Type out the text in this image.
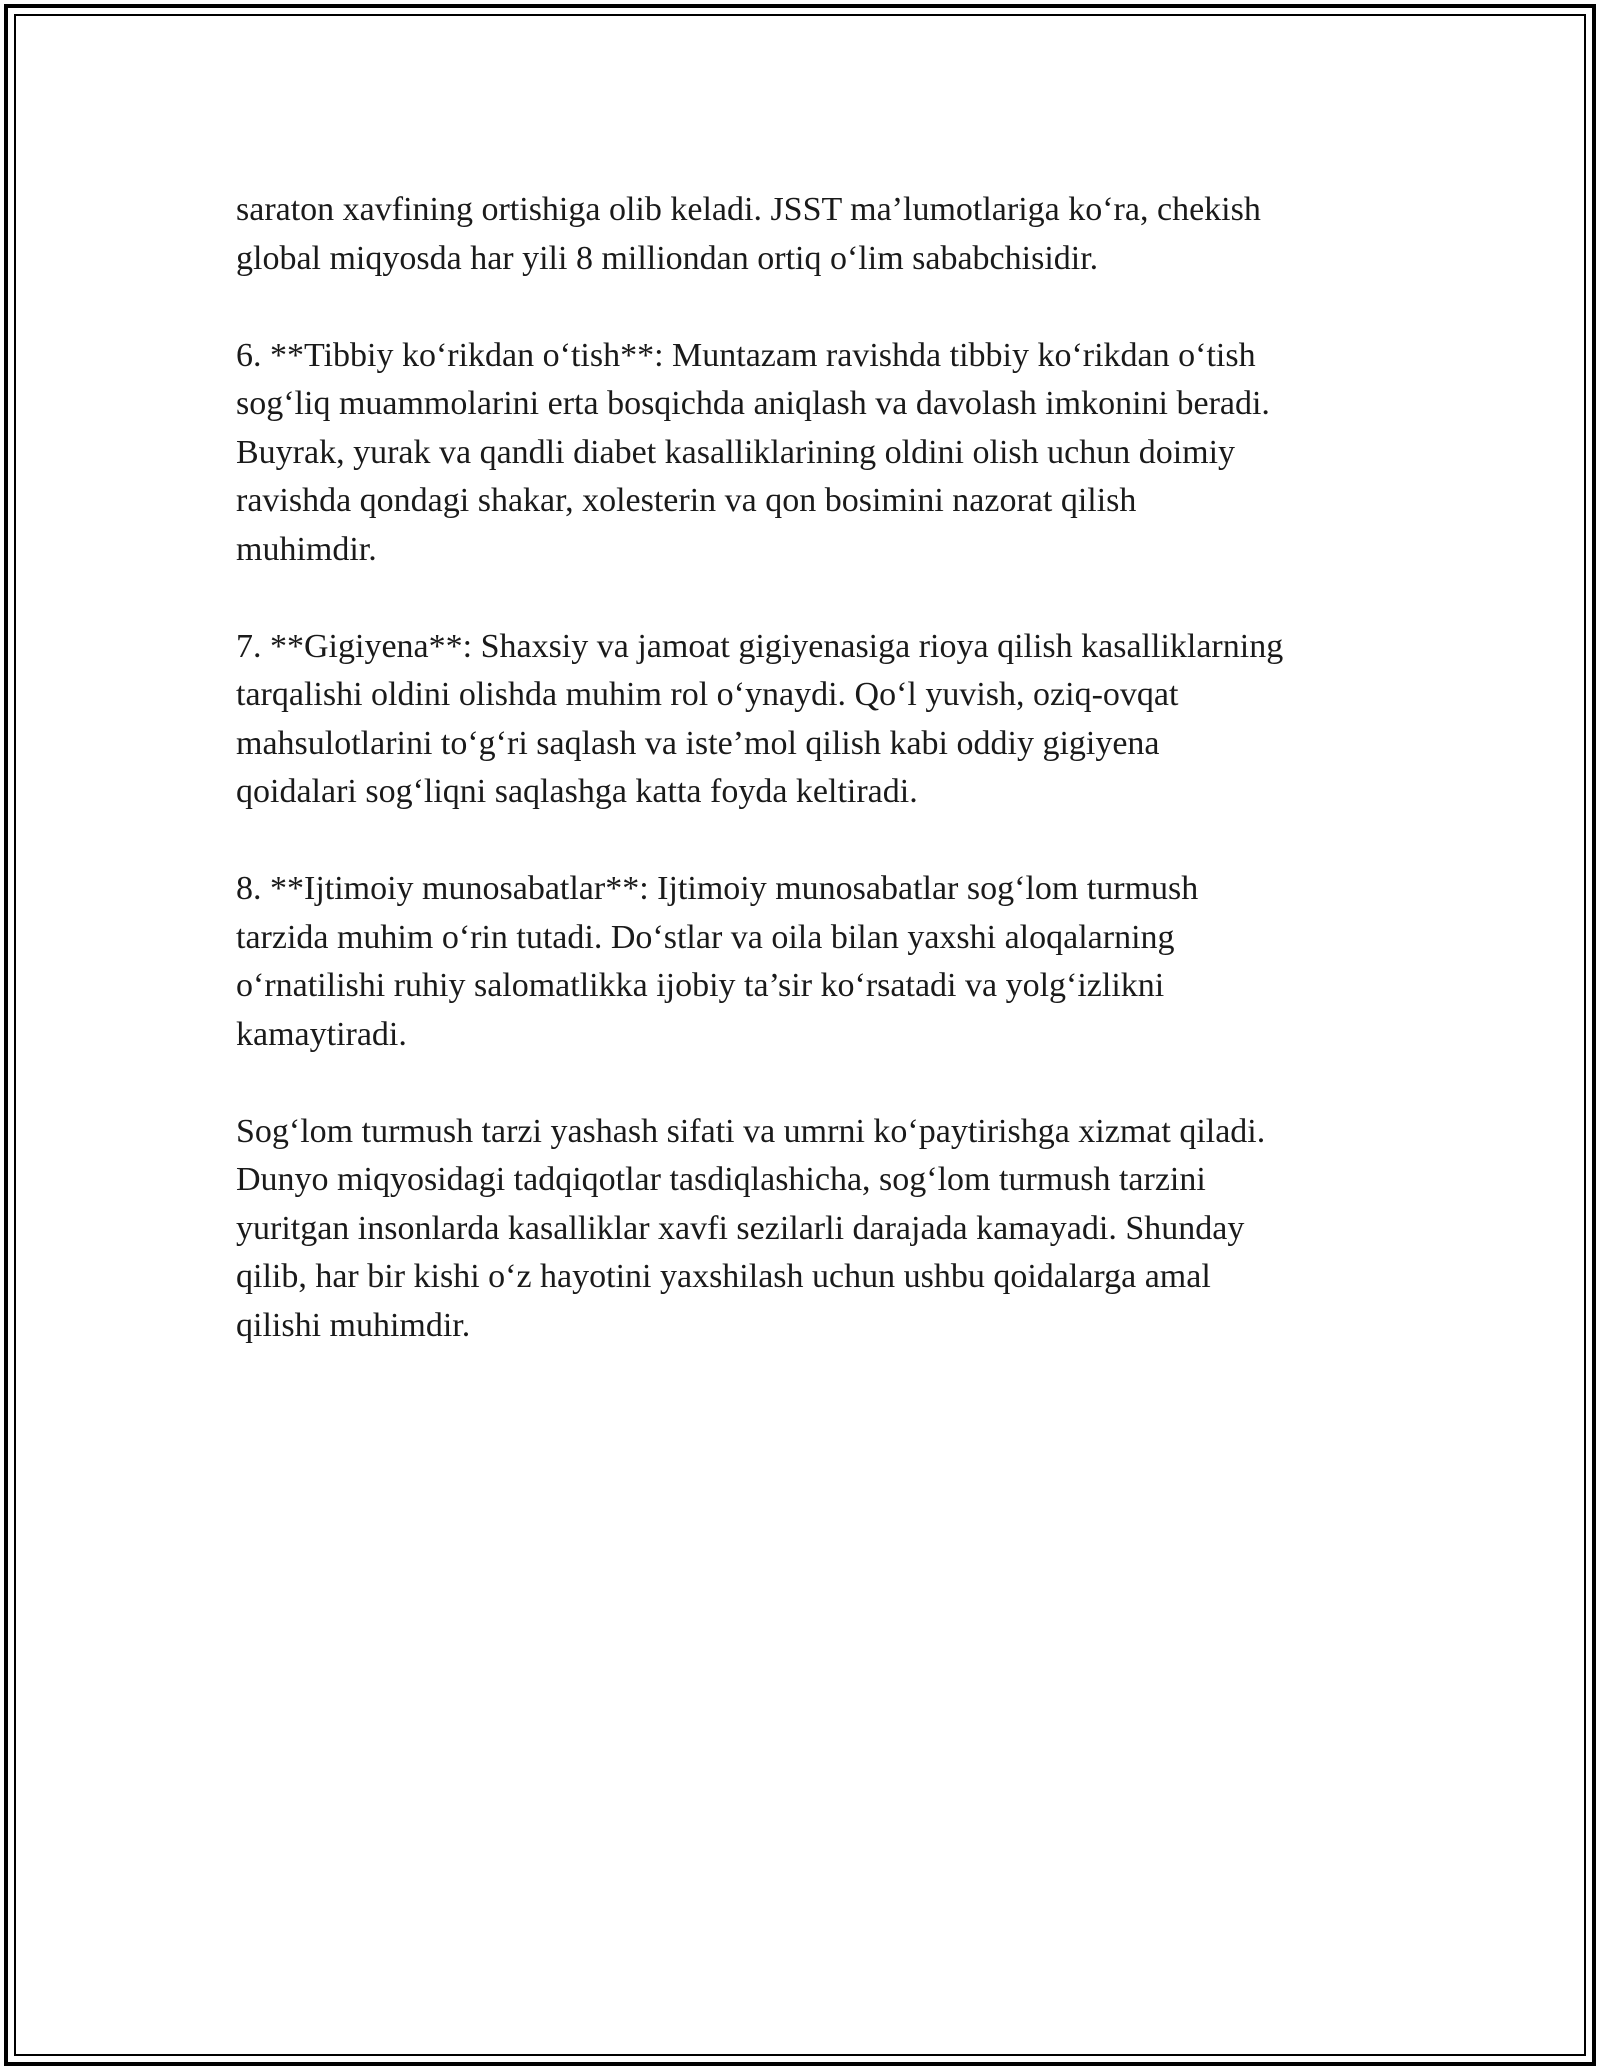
saraton xavfining ortishiga olib keladi. JSST ma’lumotlariga ko‘ra, chekish
global miqyosda har yili 8 milliondan ortiq o‘lim sababchisidir.

6. **Tibbiy ko‘rikdan o‘tish**: Muntazam ravishda tibbiy ko‘rikdan o‘tish
sog‘liq muammolarini erta bosqichda aniqlash va davolash imkonini beradi.
Buyrak, yurak va qandli diabet kasalliklarining oldini olish uchun doimiy
ravishda qondagi shakar, xolesterin va qon bosimini nazorat qilish
muhimdir.

7. **Gigiyena**: Shaxsiy va jamoat gigiyenasiga rioya qilish kasalliklarning
tarqalishi oldini olishda muhim rol o‘ynaydi. Qo‘l yuvish, oziq-ovqat
mahsulotlarini to‘g‘ri saqlash va iste’mol qilish kabi oddiy gigiyena
qoidalari sog‘liqni saqlashga katta foyda keltiradi.

8. **Ijtimoiy munosabatlar**: Ijtimoiy munosabatlar sog‘lom turmush
tarzida muhim o‘rin tutadi. Do‘stlar va oila bilan yaxshi aloqalarning
o‘rnatilishi ruhiy salomatlikka ijobiy ta’sir ko‘rsatadi va yolg‘izlikni
kamaytiradi.

Sog‘lom turmush tarzi yashash sifati va umrni ko‘paytirishga xizmat qiladi.
Dunyo miqyosidagi tadqiqotlar tasdiqlashicha, sog‘lom turmush tarzini
yuritgan insonlarda kasalliklar xavfi sezilarli darajada kamayadi. Shunday
qilib, har bir kishi o‘z hayotini yaxshilash uchun ushbu qoidalarga amal
qilishi muhimdir.
